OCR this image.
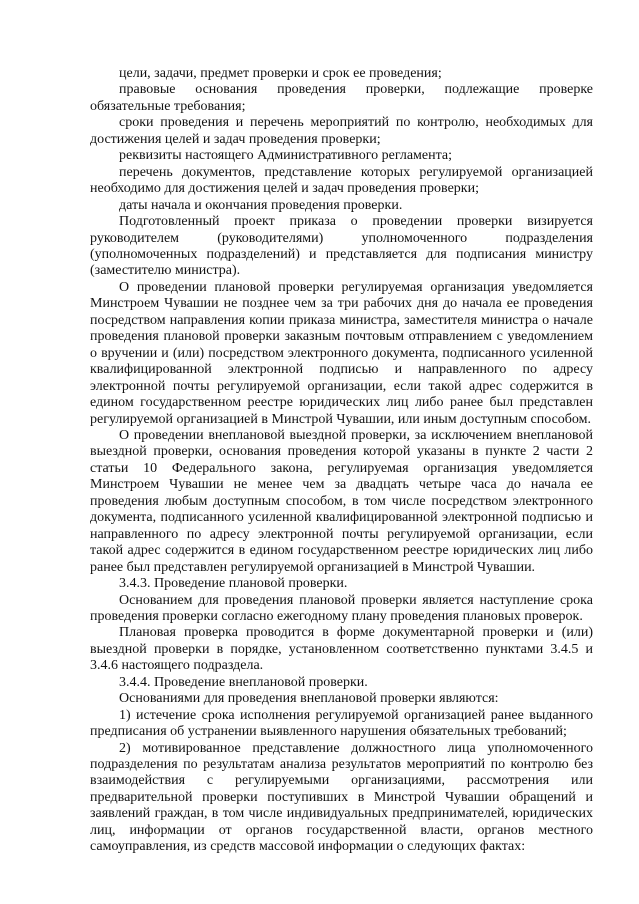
цели, задачи, предмет проверки и срок ее проведения;

правовые основания проведения проверки, подлежащие проверке обязательные требования;

сроки проведения и перечень мероприятий по контролю, необходимых для достижения целей и задач проведения проверки;

реквизиты настоящего Административного регламента;

перечень документов, представление которых регулируемой организацией необходимо для достижения целей и задач проведения проверки;

даты начала и окончания проведения проверки.

Подготовленный проект приказа о проведении проверки визируется руководителем (руководителями) уполномоченного подразделения (уполномоченных подразделений) и представляется для подписания министру (заместителю министра).

О проведении плановой проверки регулируемая организация уведомляется Минстроем Чувашии не позднее чем за три рабочих дня до начала ее проведения посредством направления копии приказа министра, заместителя министра о начале проведения плановой проверки заказным почтовым отправлением с уведомлением о вручении и (или) посредством электронного документа, подписанного усиленной квалифицированной электронной подписью и направленного по адресу электронной почты регулируемой организации, если такой адрес содержится в едином государственном реестре юридических лиц либо ранее был представлен регулируемой организацией в Минстрой Чувашии, или иным доступным способом.

О проведении внеплановой выездной проверки, за исключением внеплановой выездной проверки, основания проведения которой указаны в пункте 2 части 2 статьи 10 Федерального закона, регулируемая организация уведомляется Минстроем Чувашии не менее чем за двадцать четыре часа до начала ее проведения любым доступным способом, в том числе посредством электронного документа, подписанного усиленной квалифицированной электронной подписью и направленного по адресу электронной почты регулируемой организации, если такой адрес содержится в едином государственном реестре юридических лиц либо ранее был представлен регулируемой организацией в Минстрой Чувашии.

3.4.3. Проведение плановой проверки.

Основанием для проведения плановой проверки является наступление срока проведения проверки согласно ежегодному плану проведения плановых проверок.

Плановая проверка проводится в форме документарной проверки и (или) выездной проверки в порядке, установленном соответственно пунктами 3.4.5 и 3.4.6 настоящего подраздела.

3.4.4. Проведение внеплановой проверки.

Основаниями для проведения внеплановой проверки являются:

1) истечение срока исполнения регулируемой организацией ранее выданного предписания об устранении выявленного нарушения обязательных требований;

2) мотивированное представление должностного лица уполномоченного подразделения по результатам анализа результатов мероприятий по контролю без взаимодействия с регулируемыми организациями, рассмотрения или предварительной проверки поступивших в Минстрой Чувашии обращений и заявлений граждан, в том числе индивидуальных предпринимателей, юридических лиц, информации от органов государственной власти, органов местного самоуправления, из средств массовой информации о следующих фактах:
